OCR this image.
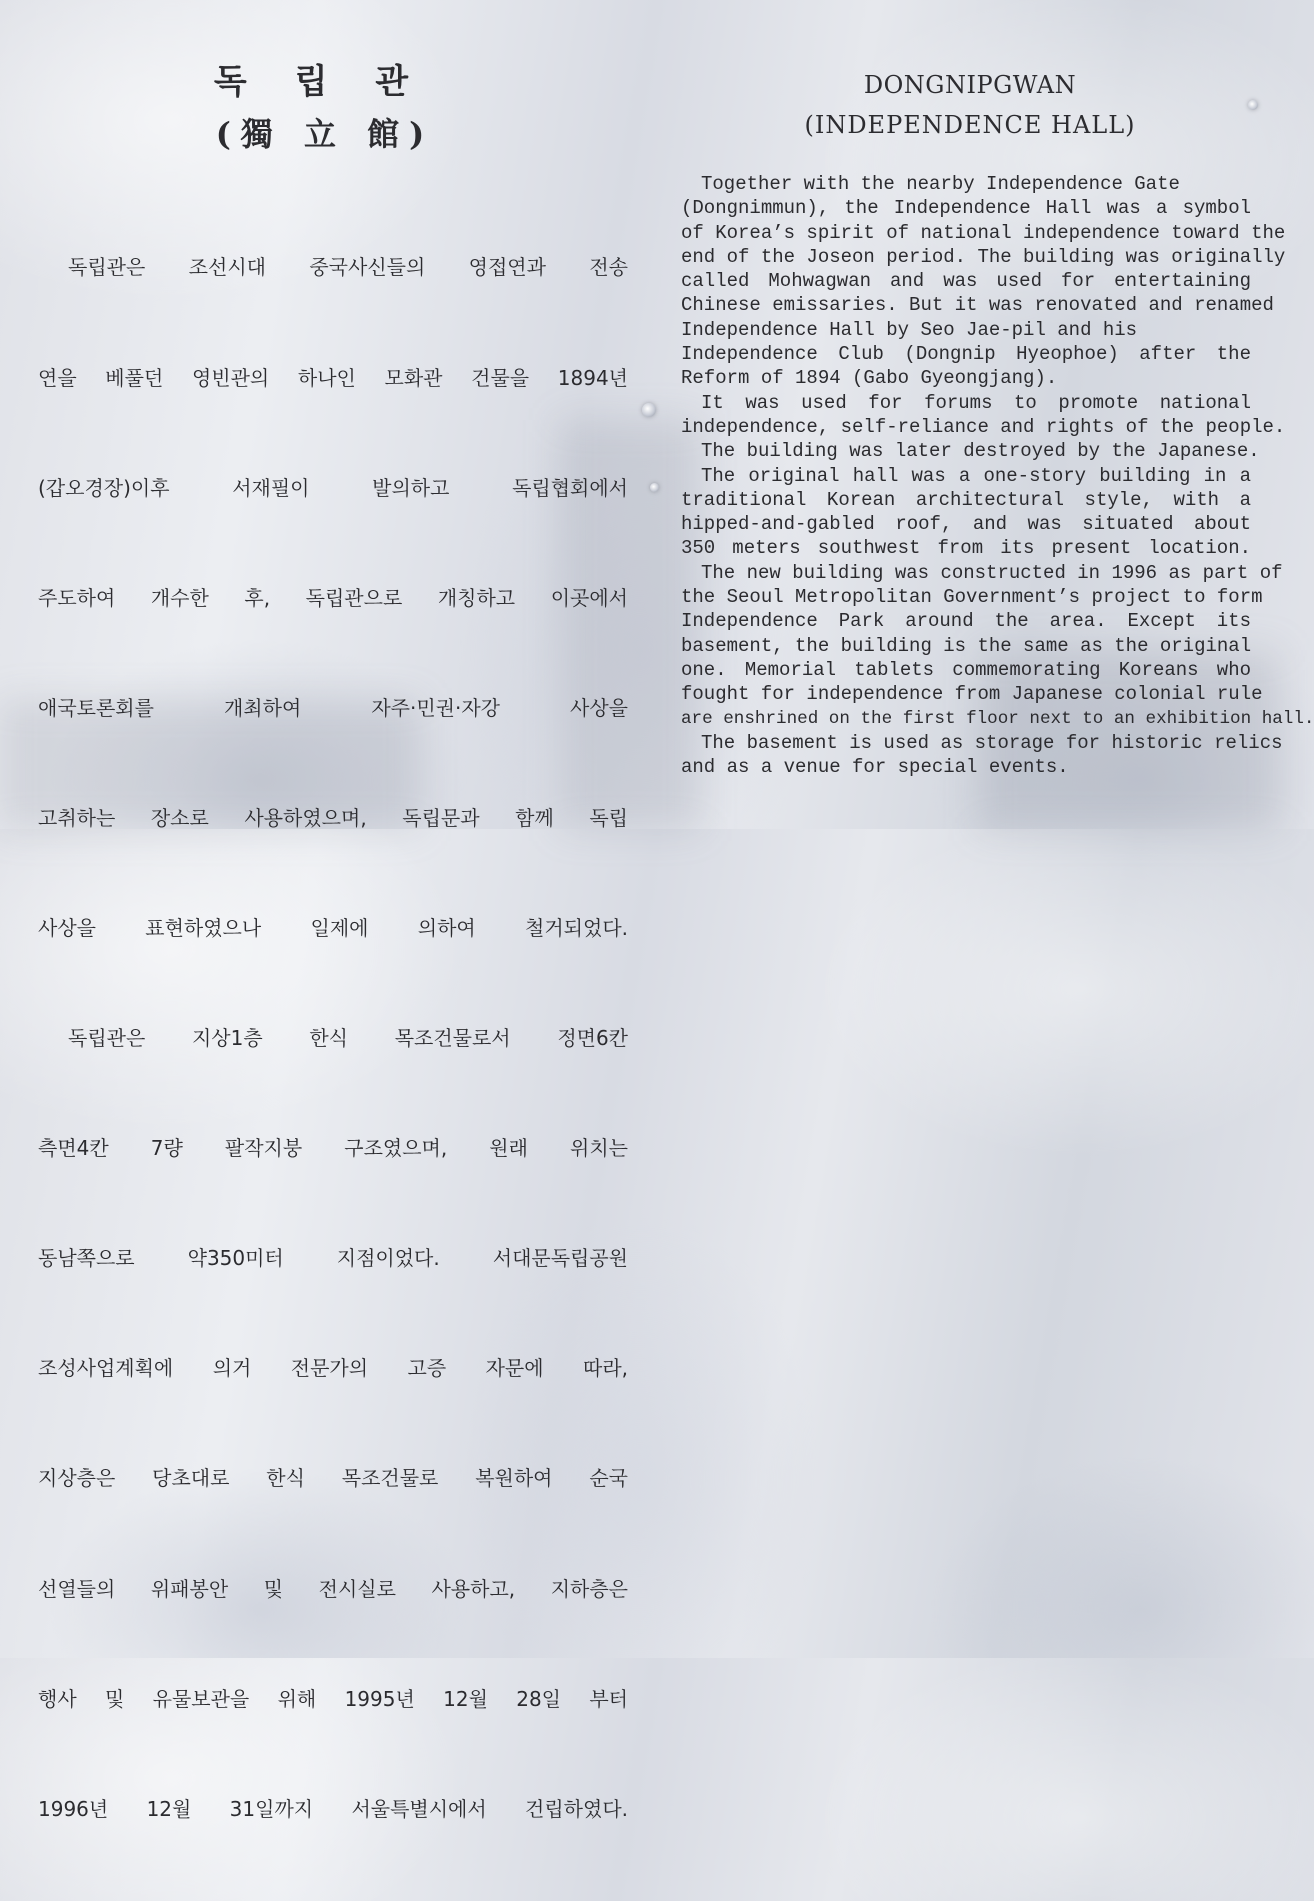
독 립 관
(獨 立 館)

독립관은 조선시대 중국사신들의 영접연과 전송

연을 베풀던 영빈관의 하나인 모화관 건물을 1894년

(갑오경장)이후 서재필이 발의하고 독립협회에서

주도하여 개수한 후, 독립관으로 개칭하고 이곳에서

애국토론회를 개최하여 자주·민권·자강 사상을

고취하는 장소로 사용하였으며, 독립문과 함께 독립

사상을 표현하였으나 일제에 의하여 철거되었다.

독립관은 지상1층 한식 목조건물로서 정면6칸

측면4칸 7량 팔작지붕 구조였으며, 원래 위치는

동남쪽으로 약350미터 지점이었다. 서대문독립공원

조성사업계획에 의거 전문가의 고증 자문에 따라,

지상층은 당초대로 한식 목조건물로 복원하여 순국

선열들의 위패봉안 및 전시실로 사용하고, 지하층은

행사 및 유물보관을 위해 1995년 12월 28일 부터

1996년 12월 31일까지 서울특별시에서 건립하였다.

DONGNIPGWAN
(INDEPENDENCE HALL)
Together with the nearby Independence Gate
(Dongnimmun), the Independence Hall was a symbol
of Korea’s spirit of national independence toward the
end of the Joseon period. The building was originally
called Mohwagwan and was used for entertaining
Chinese emissaries. But it was renovated and renamed
Independence Hall by Seo Jae-pil and his
Independence Club (Dongnip Hyeophoe) after the
Reform of 1894 (Gabo Gyeongjang).
It was used for forums to promote national
independence, self-reliance and rights of the people.
The building was later destroyed by the Japanese.
The original hall was a one-story building in a
traditional Korean architectural style, with a
hipped-and-gabled roof, and was situated about
350 meters southwest from its present location.
The new building was constructed in 1996 as part of
the Seoul Metropolitan Government’s project to form
Independence Park around the area. Except its
basement, the building is the same as the original
one. Memorial tablets commemorating Koreans who
fought for independence from Japanese colonial rule
are enshrined on the first floor next to an exhibition hall.
The basement is used as storage for historic relics
and as a venue for special events.
